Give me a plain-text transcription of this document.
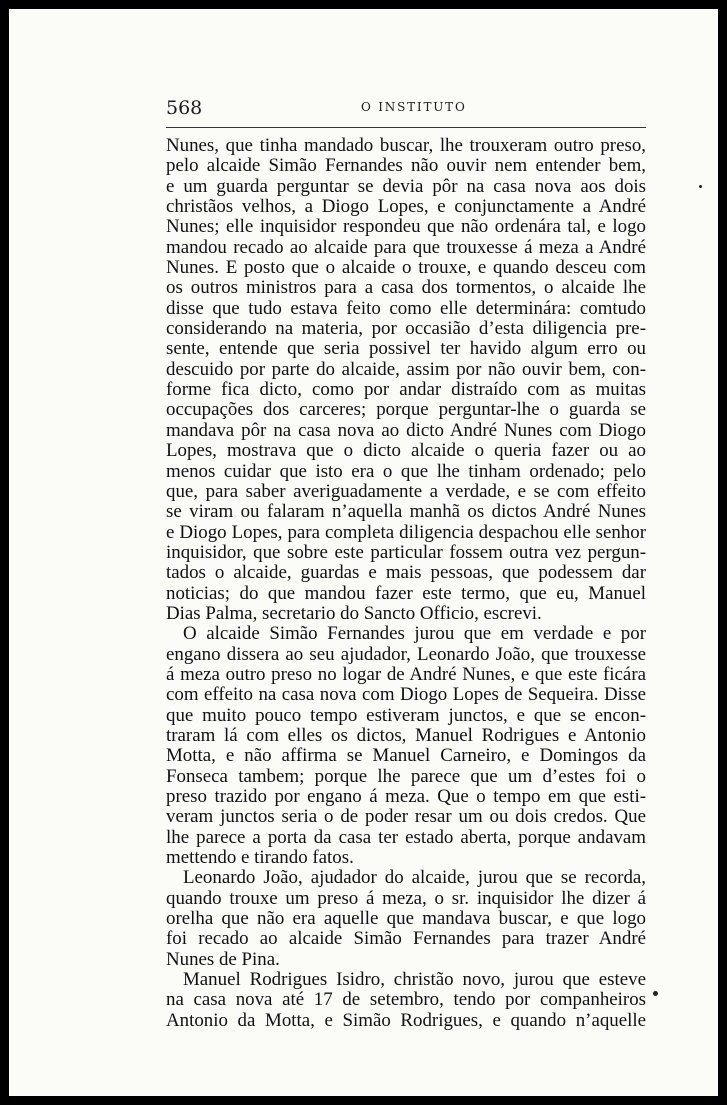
568	O INSTITUTO
Nunes, que tinha mandado buscar, lhe trouxeram outro preso,
pelo alcaide Simão Fernandes não ouvir nem entender bem,
e um guarda perguntar se devia pôr na casa nova aos dois
christãos velhos, a Diogo Lopes, e conjunctamente a André
Nunes; elle inquisidor respondeu que não ordenára tal, e logo
mandou recado ao alcaide para que trouxesse á meza a André
Nunes. E posto que o alcaide o trouxe, e quando desceu com
os outros ministros para a casa dos tormentos, o alcaide lhe
disse que tudo estava feito como elle determinára: comtudo
considerando na materia, por occasião d’esta diligencia pre-
sente, entende que seria possivel ter havido algum erro ou
descuido por parte do alcaide, assim por não ouvir bem, con-
forme fica dicto, como por andar distraído com as muitas
occupações dos carceres; porque perguntar-lhe o guarda se
mandava pôr na casa nova ao dicto André Nunes com Diogo
Lopes, mostrava que o dicto alcaide o queria fazer ou ao
menos cuidar que isto era o que lhe tinham ordenado; pelo
que, para saber averiguadamente a verdade, e se com effeito
se viram ou falaram n’aquella manhã os dictos André Nunes
e Diogo Lopes, para completa diligencia despachou elle senhor
inquisidor, que sobre este particular fossem outra vez pergun-
tados o alcaide, guardas e mais pessoas, que podessem dar
noticias; do que mandou fazer este termo, que eu, Manuel
Dias Palma, secretario do Sancto Officio, escrevi.
O alcaide Simão Fernandes jurou que em verdade e por
engano dissera ao seu ajudador, Leonardo João, que trouxesse
á meza outro preso no logar de André Nunes, e que este ficára
com effeito na casa nova com Diogo Lopes de Sequeira. Disse
que muito pouco tempo estiveram junctos, e que se encon-
traram lá com elles os dictos, Manuel Rodrigues e Antonio
Motta, e não affirma se Manuel Carneiro, e Domingos da
Fonseca tambem; porque lhe parece que um d’estes foi o
preso trazido por engano á meza. Que o tempo em que esti-
veram junctos seria o de poder resar um ou dois credos. Que
lhe parece a porta da casa ter estado aberta, porque andavam
mettendo e tirando fatos.
Leonardo João, ajudador do alcaide, jurou que se recorda,
quando trouxe um preso á meza, o sr. inquisidor lhe dizer á
orelha que não era aquelle que mandava buscar, e que logo
foi recado ao alcaide Simão Fernandes para trazer André
Nunes de Pina.
Manuel Rodrigues Isidro, christão novo, jurou que esteve
na casa nova até 17 de setembro, tendo por companheiros
Antonio da Motta, e Simão Rodrigues, e quando n’aquelle
